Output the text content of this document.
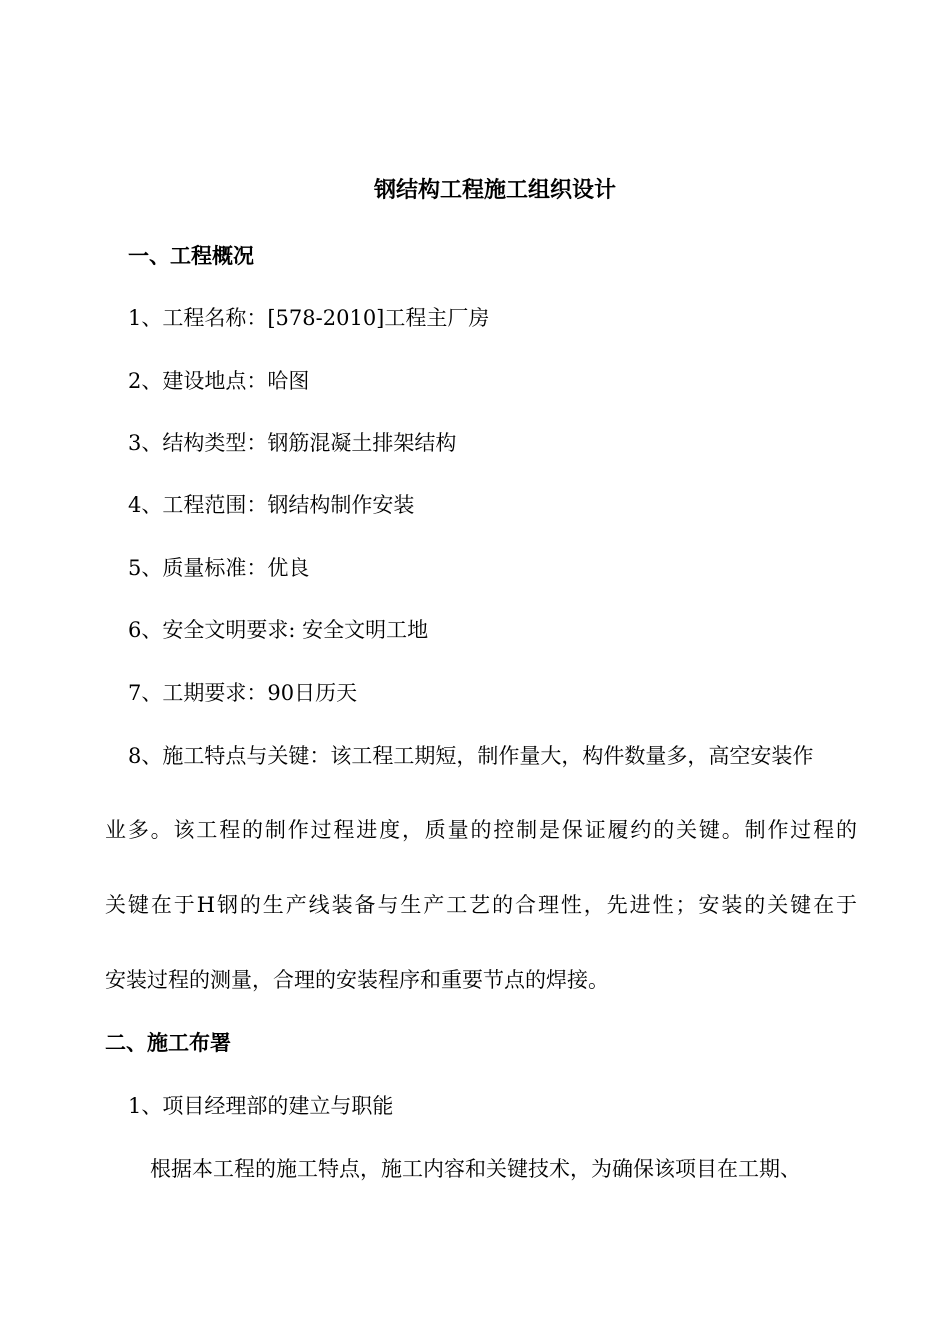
钢结构工程施工组织设计
一、工程概况
1、工程名称：[578-2010]工程主厂房
2、建设地点：哈图
3、结构类型：钢筋混凝土排架结构
4、工程范围：钢结构制作安装
5、质量标准：优良
6、安全文明要求: 安全文明工地
7、工期要求：90日历天
8、施工特点与关键：该工程工期短，制作量大，构件数量多，高空安装作
业多。该工程的制作过程进度，质量的控制是保证履约的关键。制作过程的
关键在于H钢的生产线装备与生产工艺的合理性，先进性；安装的关键在于
安装过程的测量，合理的安装程序和重要节点的焊接。
二、施工布署
1、项目经理部的建立与职能
根据本工程的施工特点，施工内容和关键技术，为确保该项目在工期、
